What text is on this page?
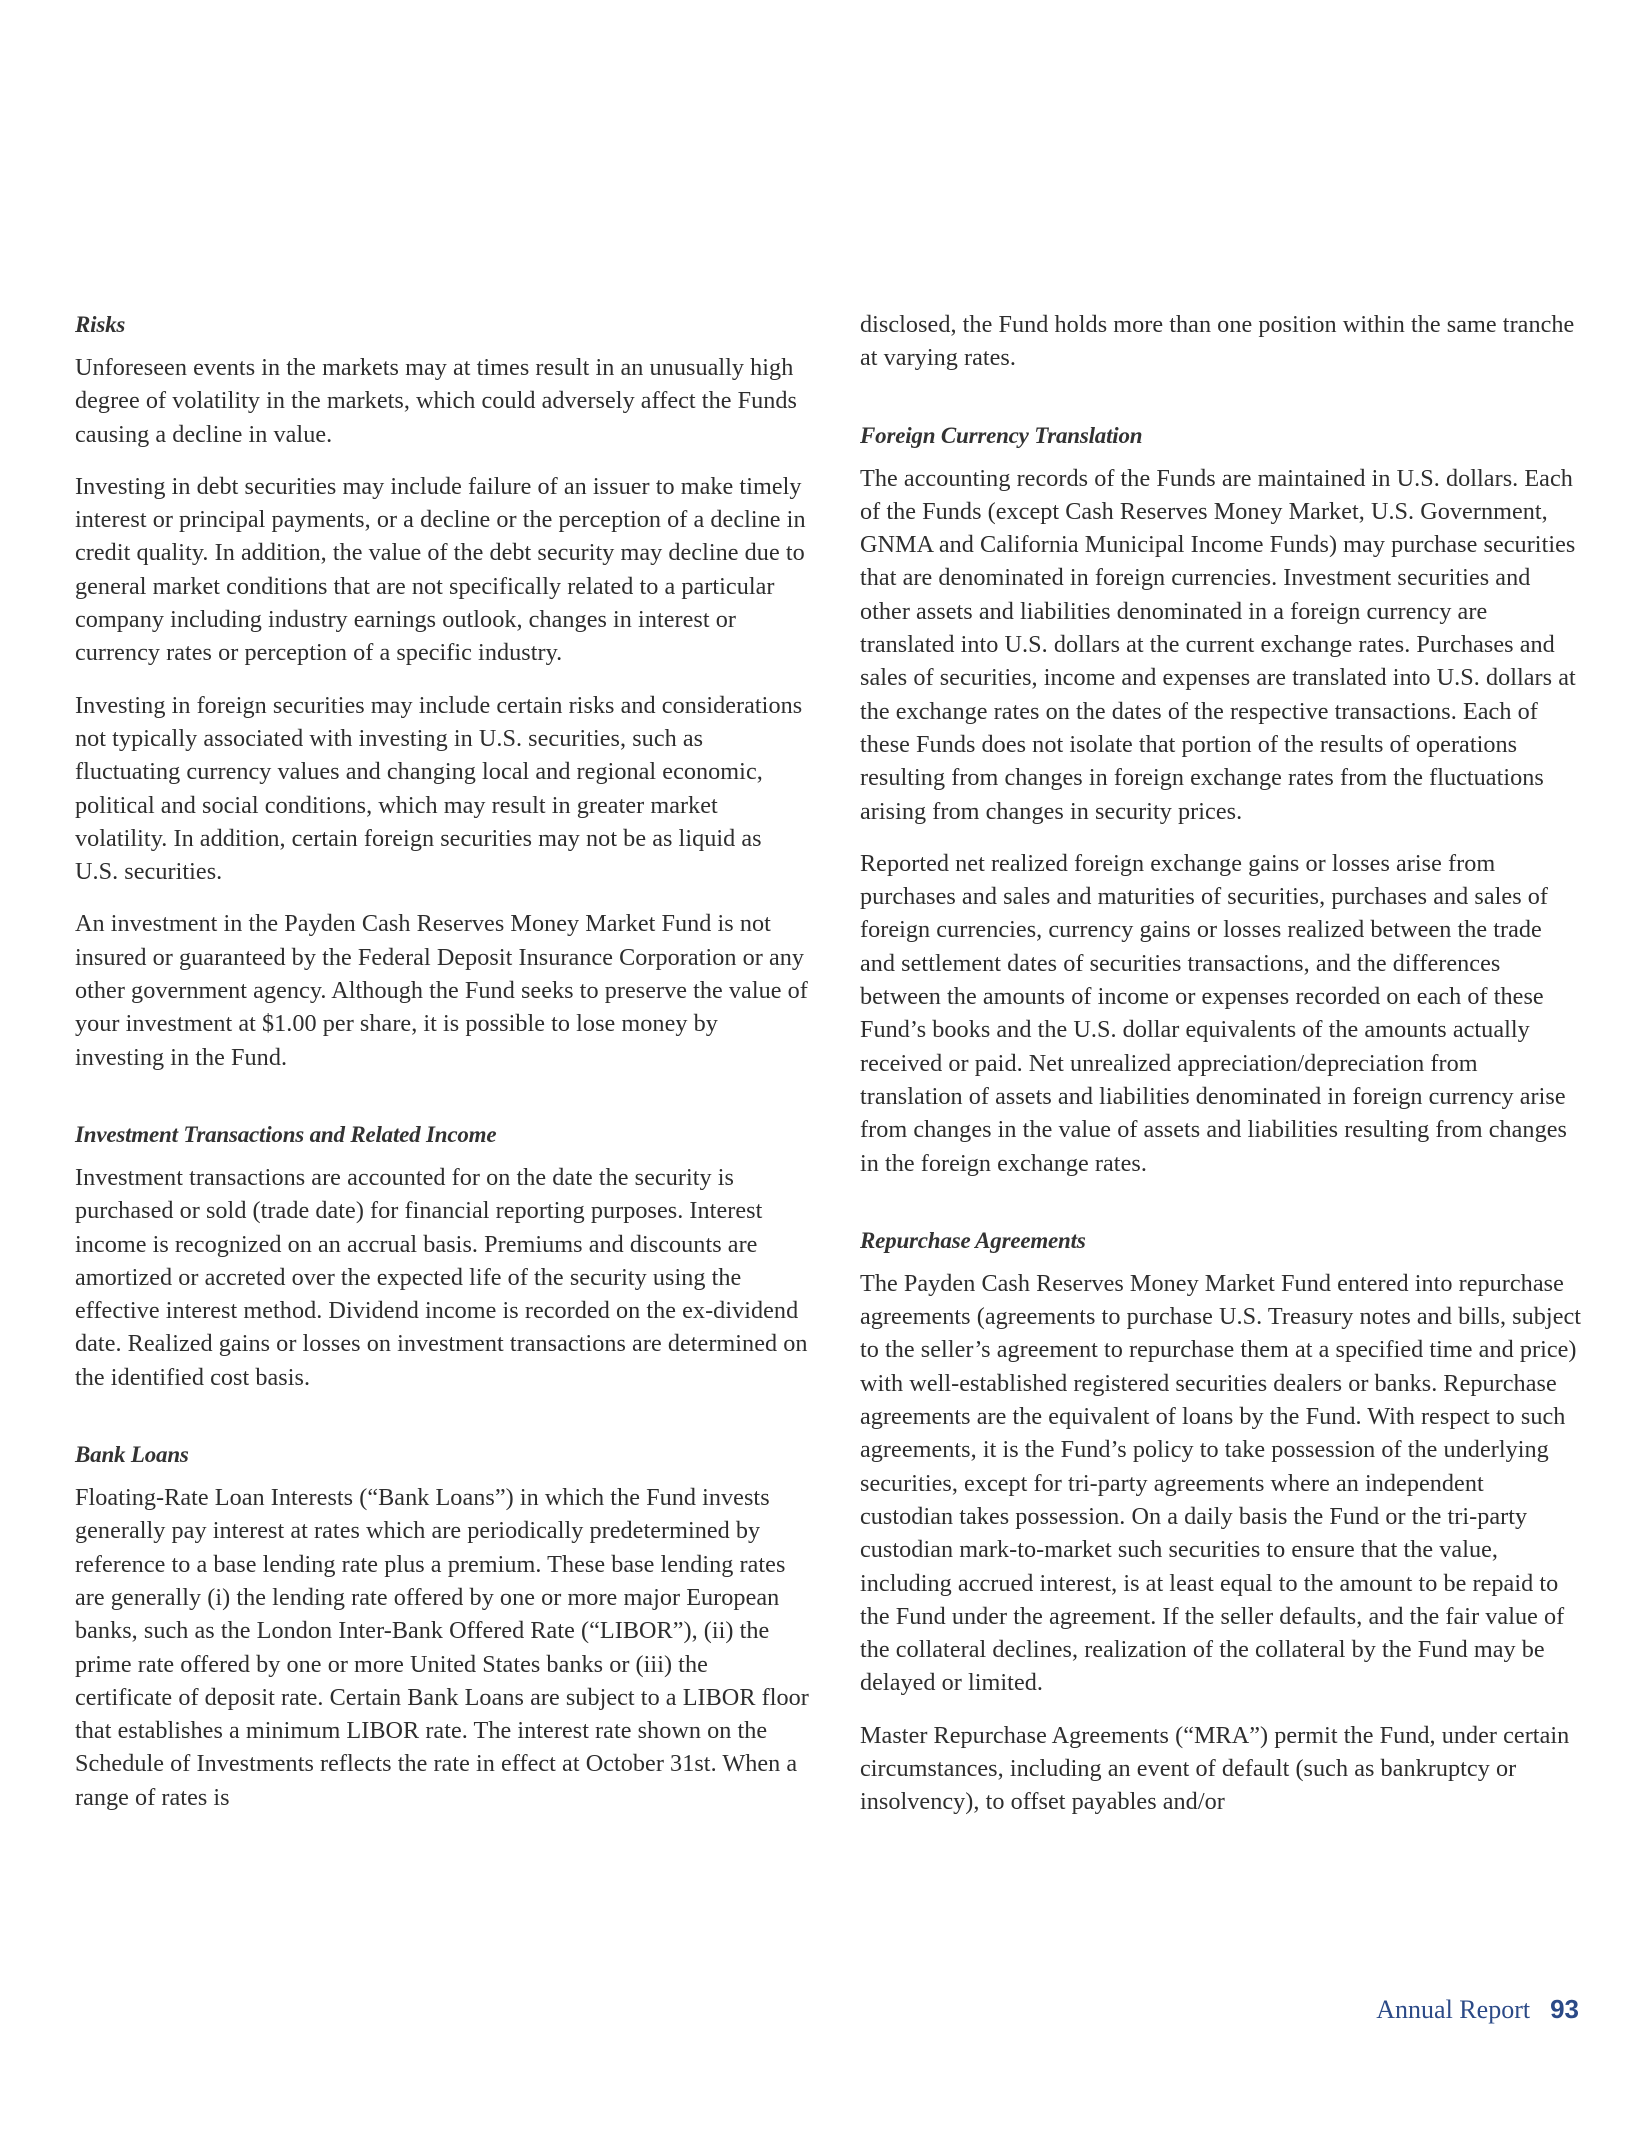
Risks

Unforeseen events in the markets may at times result in an unusually high degree of volatility in the markets, which could adversely affect the Funds causing a decline in value.

Investing in debt securities may include failure of an issuer to make timely interest or principal payments, or a decline or the perception of a decline in credit quality. In addition, the value of the debt security may decline due to general market conditions that are not specifically related to a particular company including industry earnings outlook, changes in interest or currency rates or perception of a specific industry.

Investing in foreign securities may include certain risks and considerations not typically associated with investing in U.S. securities, such as fluctuating currency values and changing local and regional economic, political and social conditions, which may result in greater market volatility. In addition, certain foreign securities may not be as liquid as U.S. securities.

An investment in the Payden Cash Reserves Money Market Fund is not insured or guaranteed by the Federal Deposit Insurance Corporation or any other government agency. Although the Fund seeks to preserve the value of your investment at $1.00 per share, it is possible to lose money by investing in the Fund.

Investment Transactions and Related Income

Investment transactions are accounted for on the date the security is purchased or sold (trade date) for financial reporting purposes. Interest income is recognized on an accrual basis. Premiums and discounts are amortized or accreted over the expected life of the security using the effective interest method. Dividend income is recorded on the ex-dividend date. Realized gains or losses on investment transactions are determined on the identified cost basis.

Bank Loans

Floating-Rate Loan Interests (“Bank Loans”) in which the Fund invests generally pay interest at rates which are periodically predetermined by reference to a base lending rate plus a premium. These base lending rates are generally (i) the lending rate offered by one or more major European banks, such as the London Inter-Bank Offered Rate (“LIBOR”), (ii) the prime rate offered by one or more United States banks or (iii) the certificate of deposit rate. Certain Bank Loans are subject to a LIBOR floor that establishes a minimum LIBOR rate. The interest rate shown on the Schedule of Investments reflects the rate in effect at October 31st. When a range of rates is

disclosed, the Fund holds more than one position within the same tranche at varying rates.

Foreign Currency Translation

The accounting records of the Funds are maintained in U.S. dollars. Each of the Funds (except Cash Reserves Money Market, U.S. Government, GNMA and California Municipal Income Funds) may purchase securities that are denominated in foreign currencies. Investment securities and other assets and liabilities denominated in a foreign currency are translated into U.S. dollars at the current exchange rates. Purchases and sales of securities, income and expenses are translated into U.S. dollars at the exchange rates on the dates of the respective transactions. Each of these Funds does not isolate that portion of the results of operations resulting from changes in foreign exchange rates from the fluctuations arising from changes in security prices.

Reported net realized foreign exchange gains or losses arise from purchases and sales and maturities of securities, purchases and sales of foreign currencies, currency gains or losses realized between the trade and settlement dates of securities transactions, and the differences between the amounts of income or expenses recorded on each of these Fund’s books and the U.S. dollar equivalents of the amounts actually received or paid. Net unrealized appreciation/depreciation from translation of assets and liabilities denominated in foreign currency arise from changes in the value of assets and liabilities resulting from changes in the foreign exchange rates.

Repurchase Agreements

The Payden Cash Reserves Money Market Fund entered into repurchase agreements (agreements to purchase U.S. Treasury notes and bills, subject to the seller’s agreement to repurchase them at a specified time and price) with well-established registered securities dealers or banks. Repurchase agreements are the equivalent of loans by the Fund. With respect to such agreements, it is the Fund’s policy to take possession of the underlying securities, except for tri-party agreements where an independent custodian takes possession. On a daily basis the Fund or the tri-party custodian mark-to-market such securities to ensure that the value, including accrued interest, is at least equal to the amount to be repaid to the Fund under the agreement. If the seller defaults, and the fair value of the collateral declines, realization of the collateral by the Fund may be delayed or limited.

Master Repurchase Agreements (“MRA”) permit the Fund, under certain circumstances, including an event of default (such as bankruptcy or insolvency), to offset payables and/or

Annual Report 93
